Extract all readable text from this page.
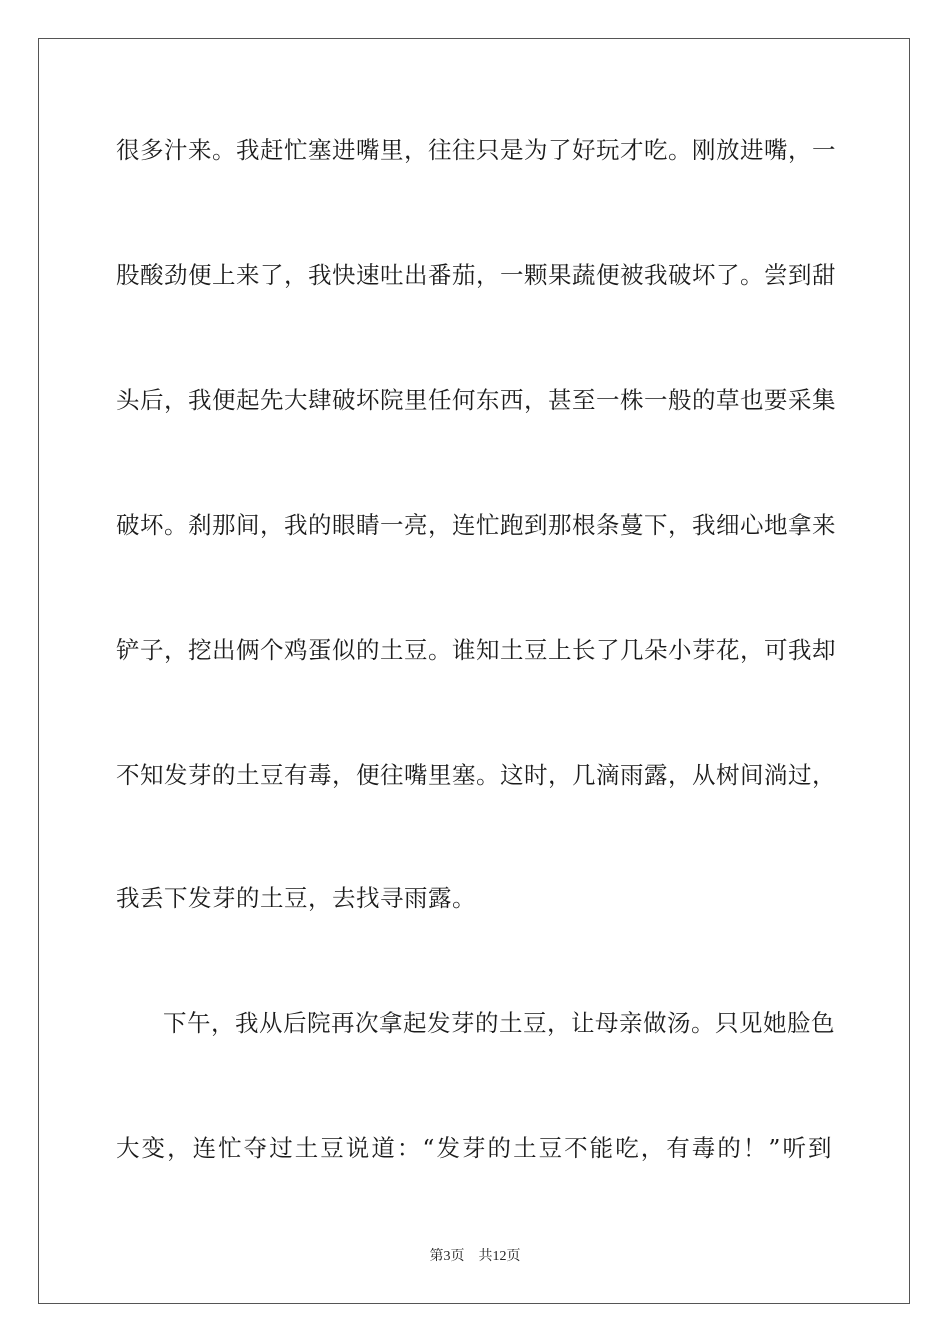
很多汁来。我赶忙塞进嘴里，往往只是为了好玩才吃。刚放进嘴，一
股酸劲便上来了，我快速吐出番茄，一颗果蔬便被我破坏了。尝到甜
头后，我便起先大肆破坏院里任何东西，甚至一株一般的草也要采集
破坏。刹那间，我的眼睛一亮，连忙跑到那根条蔓下，我细心地拿来
铲子，挖出俩个鸡蛋似的土豆。谁知土豆上长了几朵小芽花，可我却
不知发芽的土豆有毒，便往嘴里塞。这时，几滴雨露，从树间淌过，
我丢下发芽的土豆，去找寻雨露。
下午，我从后院再次拿起发芽的土豆，让母亲做汤。只见她脸色
大变，连忙夺过土豆说道：“发芽的土豆不能吃，有毒的！”听到
第3页 共12页
